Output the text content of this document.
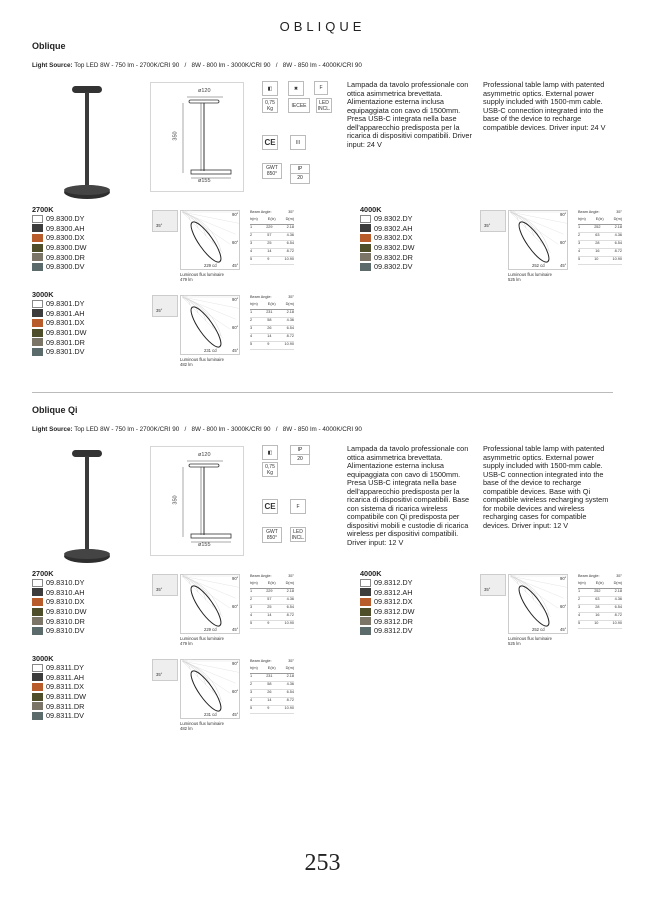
OBLIQUE
Oblique
Light Source: Top LED 8W - 750 lm - 2700K/CRI 90   /   8W - 800 lm - 3000K/CRI 90   /   8W - 850 lm - 4000K/CRI 90
ø120
350
ø155
◧
0,75 Kg
CE
GWT 850°
✖
IECEE
III
F
LED INCL.
IP
20
Lampada da tavolo professionale con ottica asimmetrica brevettata. Alimentazione esterna inclusa equipaggiata con cavo di 1500mm. Presa USB-C integrata nella base dell'apparecchio predisposta per la ricarica di dispositivi compatibili. Driver input: 24 V
Professional table lamp with patented asymmetric optics. External power supply included with 1500-mm cable. USB-C connection integrated into the base of the device to recharge compatible devices. Driver input: 24 V
2700K
09.8300.DY
09.8300.AH
09.8300.DX
09.8300.DW
09.8300.DR
09.8300.DV
35°
90°
60°
229 cd	45°
Luminous flux luminaire
479 lm
Beam Angle:	35°
h(m)	E(lx)	D(m)
1	229	2.18
2	57	4.36
3	25	6.54
4	14	8.72
5	9	10.90
4000K
09.8302.DY
09.8302.AH
09.8302.DX
09.8302.DW
09.8302.DR
09.8302.DV
35°
90°
60°
252 cd	45°
Luminous flux luminaire
525 lm
Beam Angle:	35°
h(m)	E(lx)	D(m)
1	252	2.18
2	63	4.36
3	28	6.54
4	16	8.72
5	10	10.90
3000K
09.8301.DY
09.8301.AH
09.8301.DX
09.8301.DW
09.8301.DR
09.8301.DV
35°
90°
60°
231 cd	45°
Luminous flux luminaire
482 lm
Beam Angle:	35°
h(m)	E(lx)	D(m)
1	231	2.18
2	58	4.36
3	26	6.54
4	14	8.72
5	9	10.90
Oblique Qi
Light Source: Top LED 8W - 750 lm - 2700K/CRI 90   /   8W - 800 lm - 3000K/CRI 90   /   8W - 850 lm - 4000K/CRI 90
ø120
350
ø155
◧
0,75 Kg
CE
GWT 850°
IP
20
F
LED INCL.
Lampada da tavolo professionale con ottica asimmetrica brevettata. Alimentazione esterna inclusa equipaggiata con cavo di 1500mm. Presa USB-C integrata nella base dell'apparecchio predisposta per la ricarica di dispositivi compatibili. Base con sistema di ricarica wireless compatibile con Qi predisposta per dispositivi mobili e custodie di ricarica wireless per dispositivi compatibili. Driver input: 12 V
Professional table lamp with patented asymmetric optics. External power supply included with 1500-mm cable. USB-C connection integrated into the base of the device to recharge compatible devices. Base with Qi compatible wireless recharging system for mobile devices and wireless recharging cases for compatible devices. Driver input: 12 V
2700K
09.8310.DY
09.8310.AH
09.8310.DX
09.8310.DW
09.8310.DR
09.8310.DV
35°
90°
60°
229 cd	45°
Luminous flux luminaire
479 lm
Beam Angle:	35°
h(m)	E(lx)	D(m)
1	229	2.18
2	57	4.36
3	25	6.54
4	14	8.72
5	9	10.90
4000K
09.8312.DY
09.8312.AH
09.8312.DX
09.8312.DW
09.8312.DR
09.8312.DV
35°
90°
60°
252 cd	45°
Luminous flux luminaire
525 lm
Beam Angle:	35°
h(m)	E(lx)	D(m)
1	252	2.18
2	63	4.36
3	28	6.54
4	16	8.72
5	10	10.90
3000K
09.8311.DY
09.8311.AH
09.8311.DX
09.8311.DW
09.8311.DR
09.8311.DV
35°
90°
60°
231 cd	45°
Luminous flux luminaire
482 lm
Beam Angle:	35°
h(m)	E(lx)	D(m)
1	231	2.18
2	58	4.36
3	26	6.54
4	14	8.72
5	9	10.90
253
